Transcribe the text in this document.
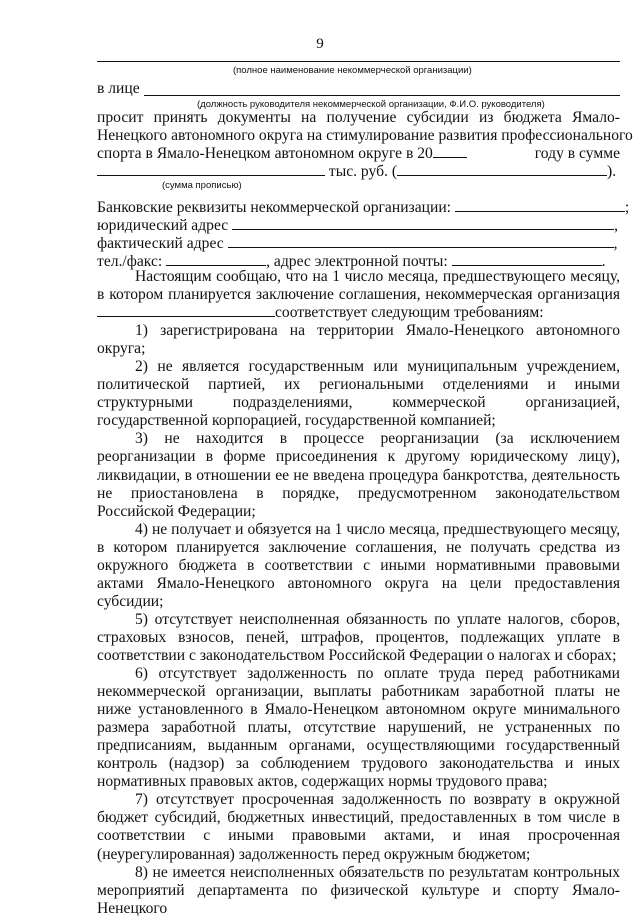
9
(полное наименование некоммерческой организации)
в лице
(должность руководителя некоммерческой организации, Ф.И.О. руководителя)
просит принять документы на получение субсидии из бюджета Ямало-
Ненецкого автономного округа на стимулирование развития профессионального
спорта в Ямало-Ненецком автономном округе в 20	году в сумме
тыс. руб. (	).
(сумма прописью)
Банковские реквизиты некоммерческой организации:	;
юридический адрес	,
фактический адрес	,
тел./факс:	, адрес электронной почты:	.

Настоящим сообщаю, что на 1 число месяца, предшествующего месяцу, в котором планируется заключение соглашения, некоммерческая организация соответствует следующим требованиям:

1) зарегистрирована на территории Ямало-Ненецкого автономного округа;

2) не является государственным или муниципальным учреждением, политической партией, их региональными отделениями и иными структурными подразделениями, коммерческой организацией, государственной корпорацией, государственной компанией;

3) не находится в процессе реорганизации (за исключением реорганизации в форме присоединения к другому юридическому лицу), ликвидации, в отношении ее не введена процедура банкротства, деятельность не приостановлена в порядке, предусмотренном законодательством Российской Федерации;

4) не получает и обязуется на 1 число месяца, предшествующего месяцу, в котором планируется заключение соглашения, не получать средства из окружного бюджета в соответствии с иными нормативными правовыми актами Ямало-Ненецкого автономного округа на цели предоставления субсидии;

5) отсутствует неисполненная обязанность по уплате налогов, сборов, страховых взносов, пеней, штрафов, процентов, подлежащих уплате в соответствии с законодательством Российской Федерации о налогах и сборах;

6) отсутствует задолженность по оплате труда перед работниками некоммерческой организации, выплаты работникам заработной платы не ниже установленного в Ямало-Ненецком автономном округе минимального размера заработной платы, отсутствие нарушений, не устраненных по предписаниям, выданным органами, осуществляющими государственный контроль (надзор) за соблюдением трудового законодательства и иных нормативных правовых актов, содержащих нормы трудового права;

7) отсутствует просроченная задолженность по возврату в окружной бюджет субсидий, бюджетных инвестиций, предоставленных в том числе в соответствии с иными правовыми актами, и иная просроченная (неурегулированная) задолженность перед окружным бюджетом;

8) не имеется неисполненных обязательств по результатам контрольных мероприятий департамента по физической культуре и спорту Ямало-Ненецкого
